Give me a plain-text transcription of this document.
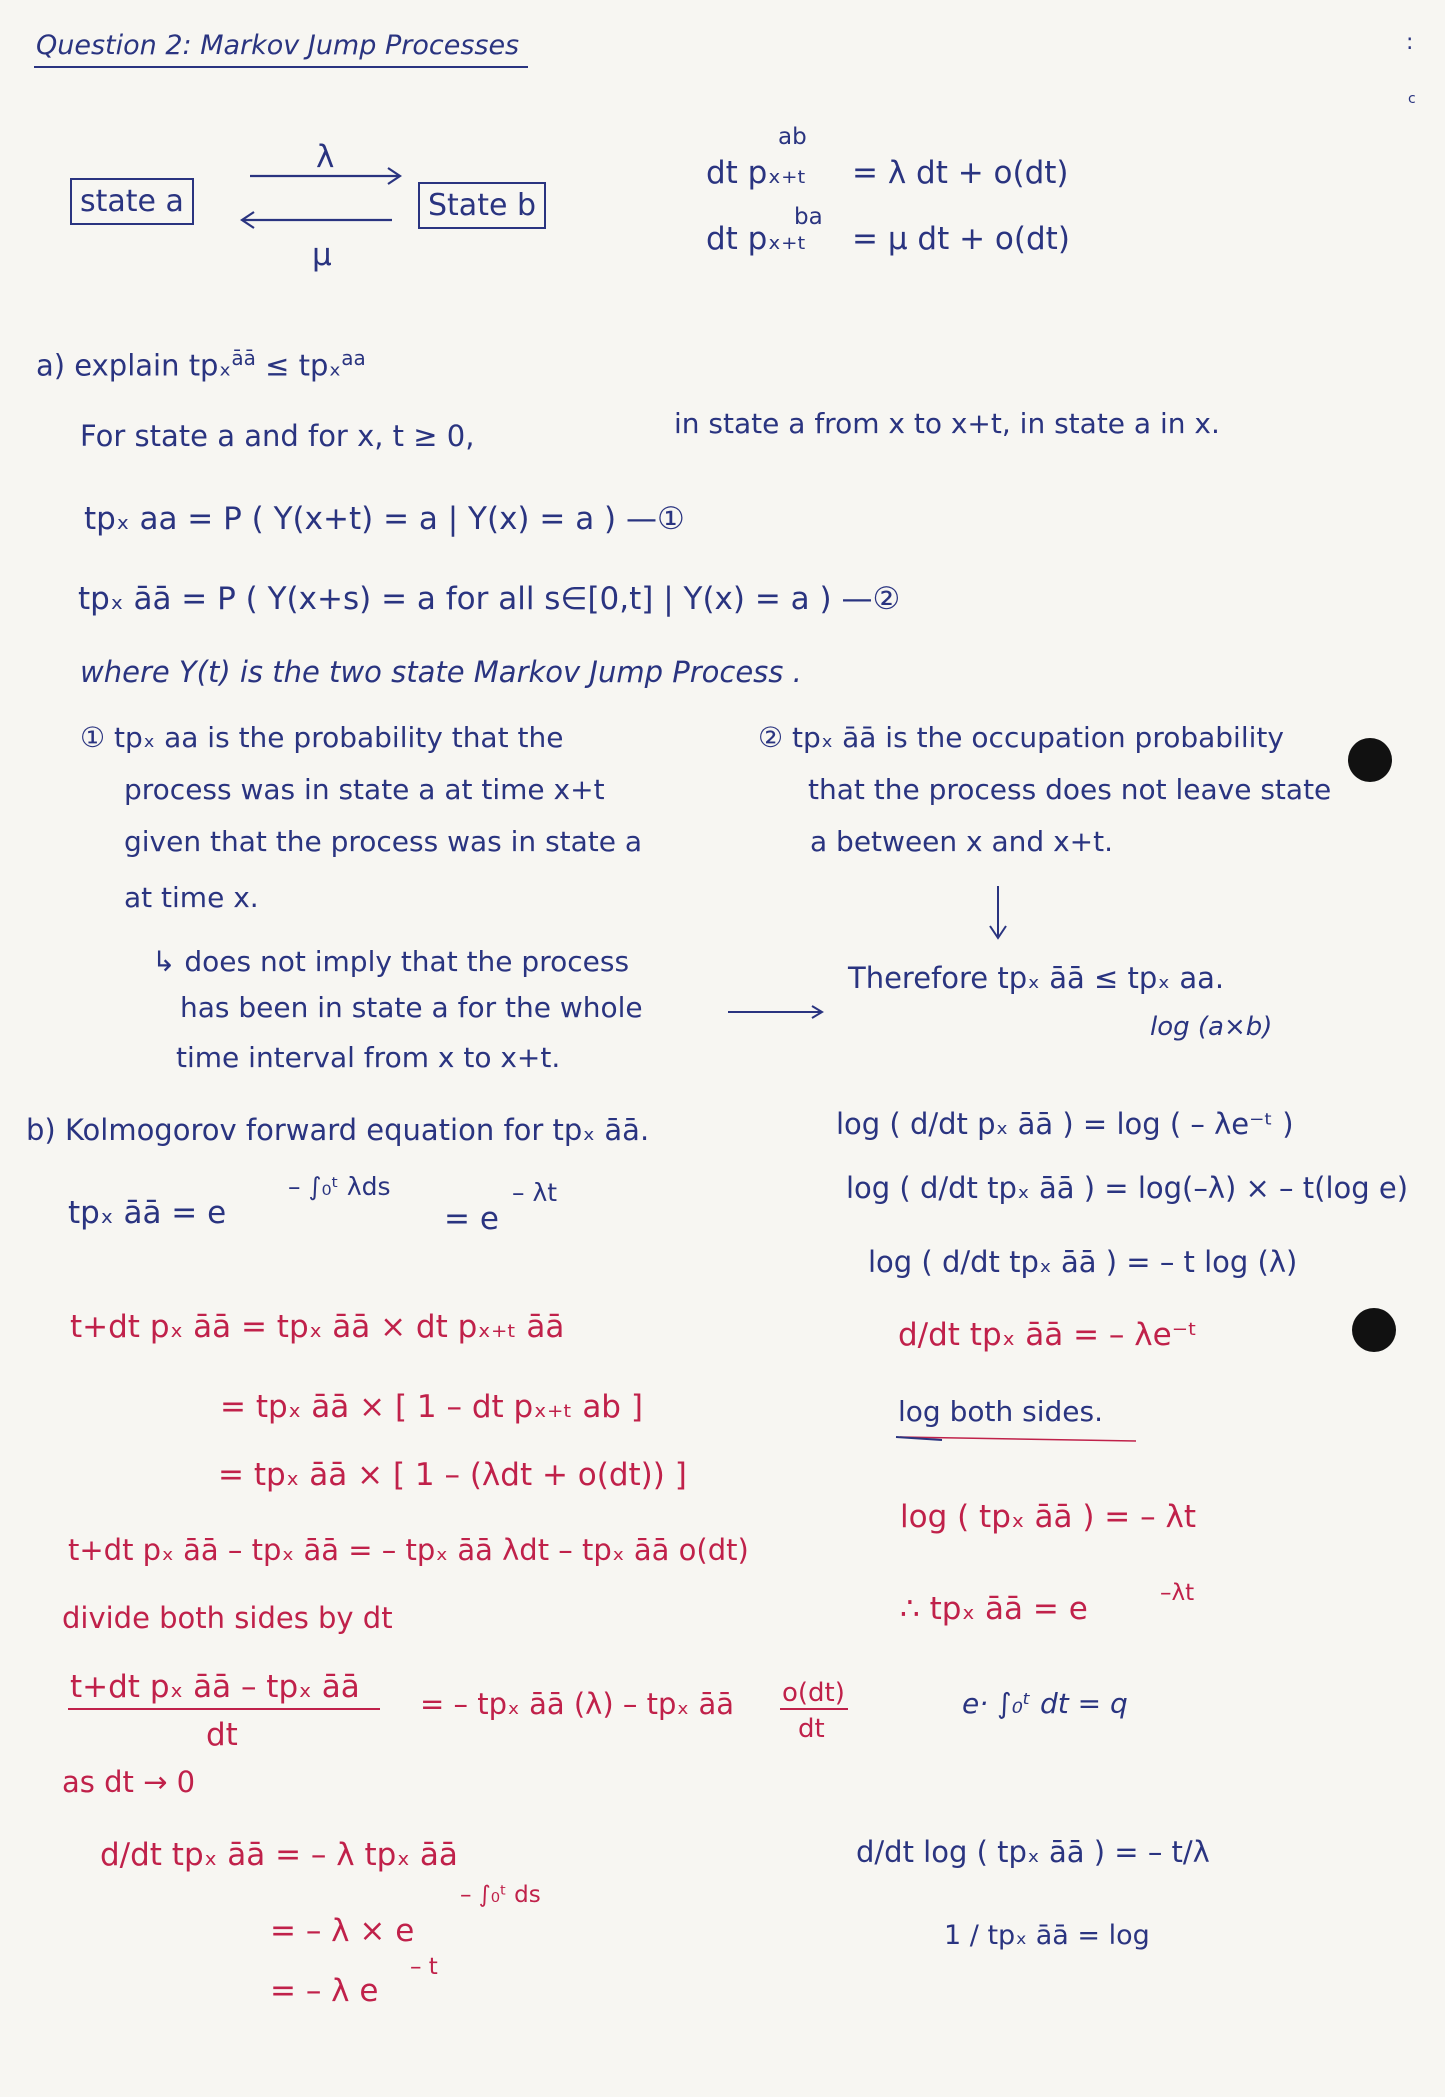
Question 2: Markov Jump Processes	:
c
state a	State b
λ
μ
ab
dt pₓ₊ₜ = λ dt + o(dt)
ba
dt pₓ₊ₜ = μ dt + o(dt)
a) explain tpₓ$^{āā}$ ≤ tpₓ$^{aa}$
For state a and for x, t ≥ 0,	in state a from x to x+t, in state a in x.
tpₓ aa = P ( Y(x+t) = a | Y(x) = a ) —①
tpₓ āā = P ( Y(x+s) = a for all s∈[0,t] | Y(x) = a ) —②
where Y(t) is the two state Markov Jump Process .
① tpₓ aa is the probability that the
process was in state a at time x+t
given that the process was in state a
at time x.
↳ does not imply that the process
has been in state a for the whole
time interval from x to x+t.
② tpₓ āā is the occupation probability
that the process does not leave state
a between x and x+t.
Therefore tpₓ āā ≤ tpₓ aa.
log (a×b)
b) Kolmogorov forward equation for tpₓ āā.
tpₓ āā = e
– ∫₀ᵗ λds
= e
– λt
t+dt pₓ āā = tpₓ āā × dt pₓ₊ₜ āā
= tpₓ āā × [ 1 – dt pₓ₊ₜ ab ]
= tpₓ āā × [ 1 – (λdt + o(dt)) ]
t+dt pₓ āā – tpₓ āā = – tpₓ āā λdt – tpₓ āā o(dt)
divide both sides by dt
t+dt pₓ āā – tpₓ āā
dt
= – tpₓ āā (λ) – tpₓ āā o(dt)
dt
as dt → 0
d/dt tpₓ āā = – λ tpₓ āā
= – λ × e
– ∫₀ᵗ ds
= – λ e
– t
log ( d/dt pₓ āā ) = log ( – λe⁻ᵗ )
log ( d/dt tpₓ āā ) = log(–λ) × – t(log e)
log ( d/dt tpₓ āā ) = – t log (λ)
d/dt tpₓ āā = – λe⁻ᵗ
log both sides.
log ( tpₓ āā ) = – λt
∴ tpₓ āā = e	–λt
e· ∫₀ᵗ dt = q
d/dt log ( tpₓ āā ) = – t/λ
1 / tpₓ āā = log
